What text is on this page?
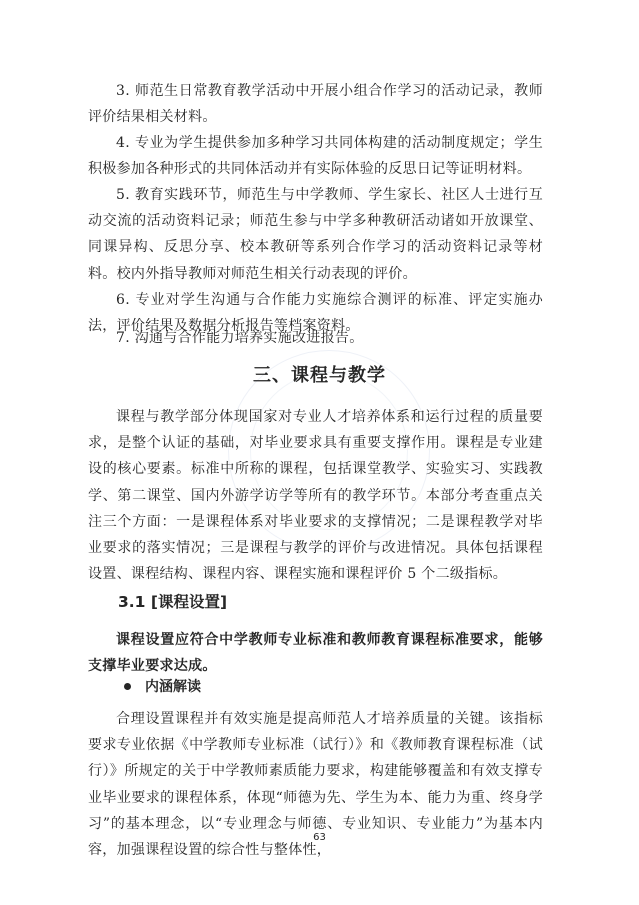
3. 师范生日常教育教学活动中开展小组合作学习的活动记录，教师评价结果相关材料。

4. 专业为学生提供参加多种学习共同体构建的活动制度规定；学生积极参加各种形式的共同体活动并有实际体验的反思日记等证明材料。

5. 教育实践环节，师范生与中学教师、学生家长、社区人士进行互动交流的活动资料记录；师范生参与中学多种教研活动诸如开放课堂、同课异构、反思分享、校本教研等系列合作学习的活动资料记录等材料。校内外指导教师对师范生相关行动表现的评价。

6. 专业对学生沟通与合作能力实施综合测评的标准、评定实施办法，评价结果及数据分析报告等档案资料。

7. 沟通与合作能力培养实施改进报告。

三、课程与教学

课程与教学部分体现国家对专业人才培养体系和运行过程的质量要求，是整个认证的基础，对毕业要求具有重要支撑作用。课程是专业建设的核心要素。标准中所称的课程，包括课堂教学、实验实习、实践教学、第二课堂、国内外游学访学等所有的教学环节。本部分考查重点关注三个方面：一是课程体系对毕业要求的支撑情况；二是课程教学对毕业要求的落实情况；三是课程与教学的评价与改进情况。具体包括课程设置、课程结构、课程内容、课程实施和课程评价 5 个二级指标。

3.1 [课程设置]

课程设置应符合中学教师专业标准和教师教育课程标准要求，能够支撑毕业要求达成。

内涵解读

合理设置课程并有效实施是提高师范人才培养质量的关键。该指标要求专业依据《中学教师专业标准（试行）》和《教师教育课程标准（试行）》所规定的关于中学教师素质能力要求，构建能够覆盖和有效支撑专业毕业要求的课程体系，体现“师德为先、学生为本、能力为重、终身学习”的基本理念，以“专业理念与师德、专业知识、专业能力”为基本内容，加强课程设置的综合性与整体性，

63
